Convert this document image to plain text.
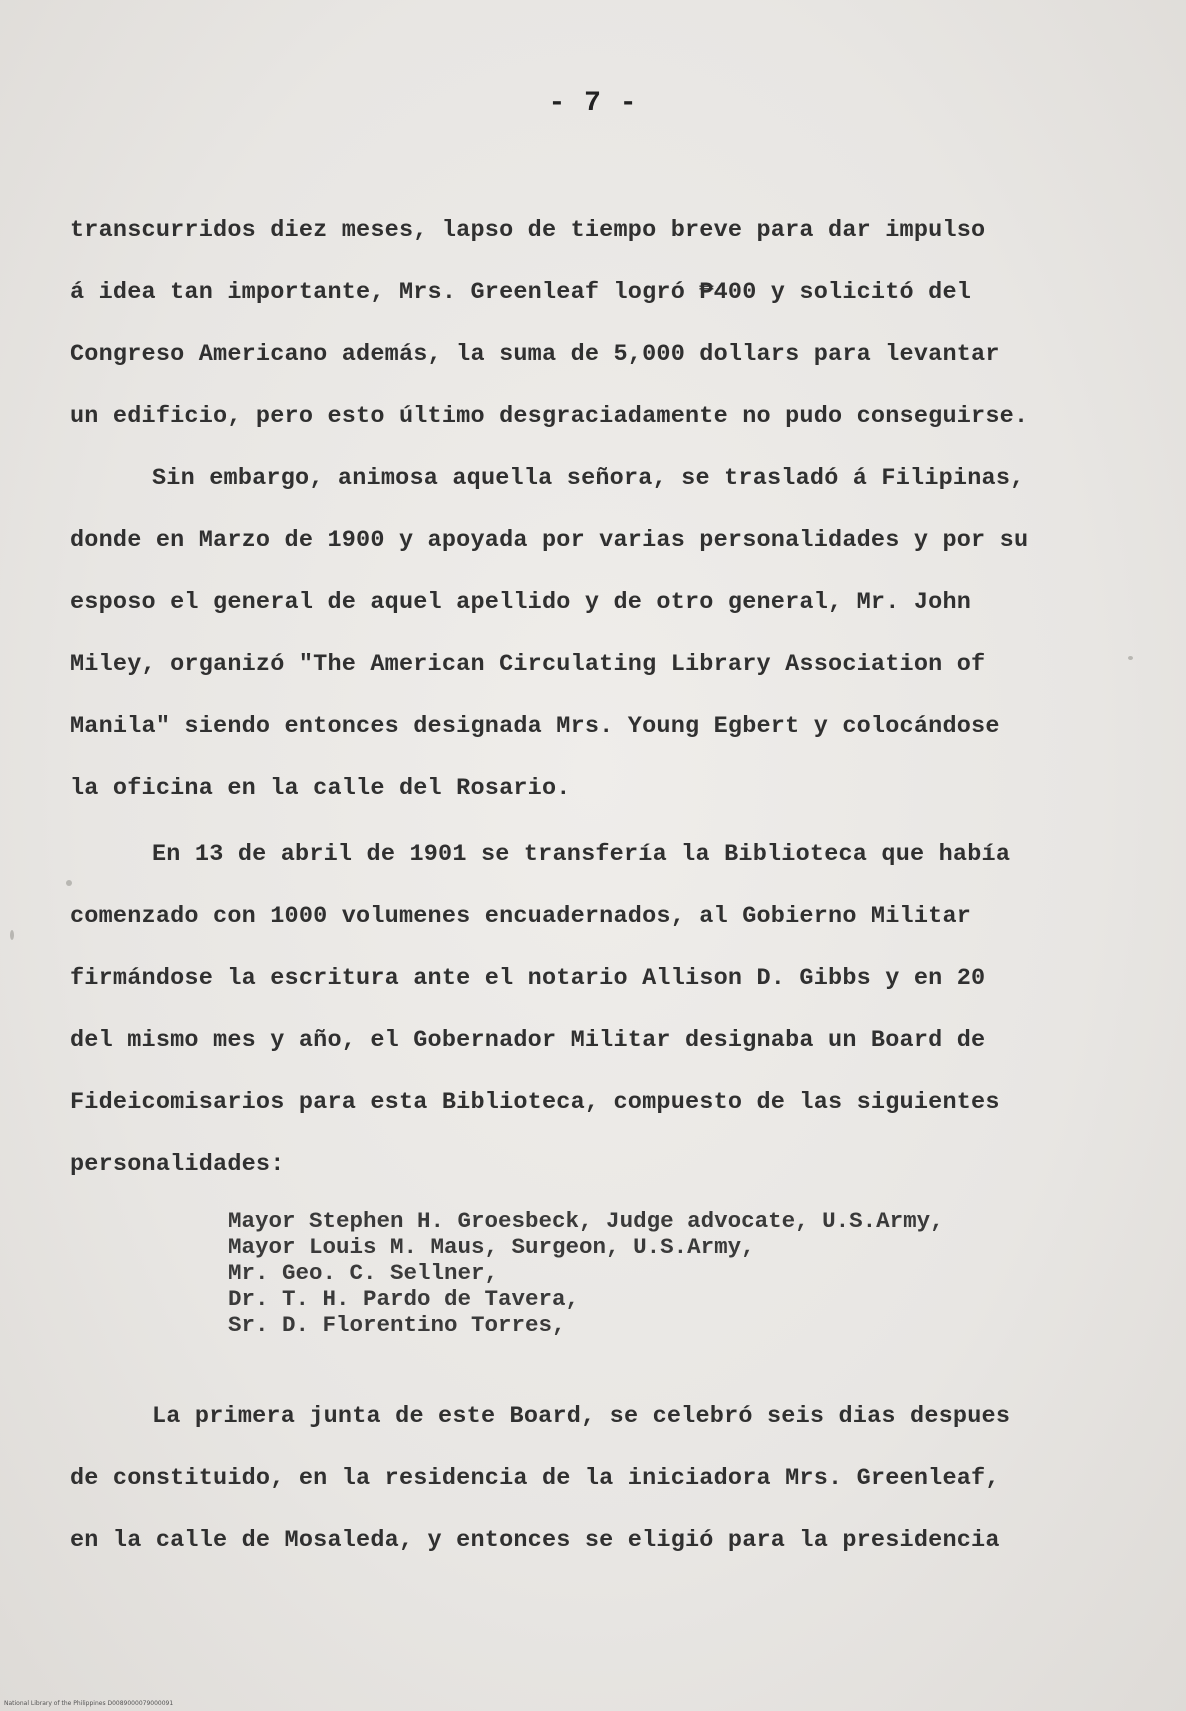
- 7 -
transcurridos diez meses, lapso de tiempo breve para dar impulso
á idea tan importante, Mrs. Greenleaf logró ₱400 y solicitó del
Congreso Americano además, la suma de 5,000 dollars para levantar
un edificio, pero esto último desgraciadamente no pudo conseguirse.
Sin embargo, animosa aquella señora, se trasladó á Filipinas,
donde en Marzo de 1900 y apoyada por varias personalidades y por su
esposo el general de aquel apellido y de otro general, Mr. John
Miley, organizó "The American Circulating Library Association of
Manila" siendo entonces designada Mrs. Young Egbert y colocándose
la oficina en la calle del Rosario.
En 13 de abril de 1901 se transfería la Biblioteca que había
comenzado con 1000 volumenes encuadernados, al Gobierno Militar
firmándose la escritura ante el notario Allison D. Gibbs y en 20
del mismo mes y año, el Gobernador Militar designaba un Board de
Fideicomisarios para esta Biblioteca, compuesto de las siguientes
personalidades:
Mayor Stephen H. Groesbeck, Judge advocate, U.S.Army,
Mayor Louis M. Maus, Surgeon, U.S.Army,
Mr. Geo. C. Sellner,
Dr. T. H. Pardo de Tavera,
Sr. D. Florentino Torres,
La primera junta de este Board, se celebró seis dias despues
de constituido, en la residencia de la iniciadora Mrs. Greenleaf,
en la calle de Mosaleda, y entonces se eligió para la presidencia
National Library of the Philippines D0089000079000091
